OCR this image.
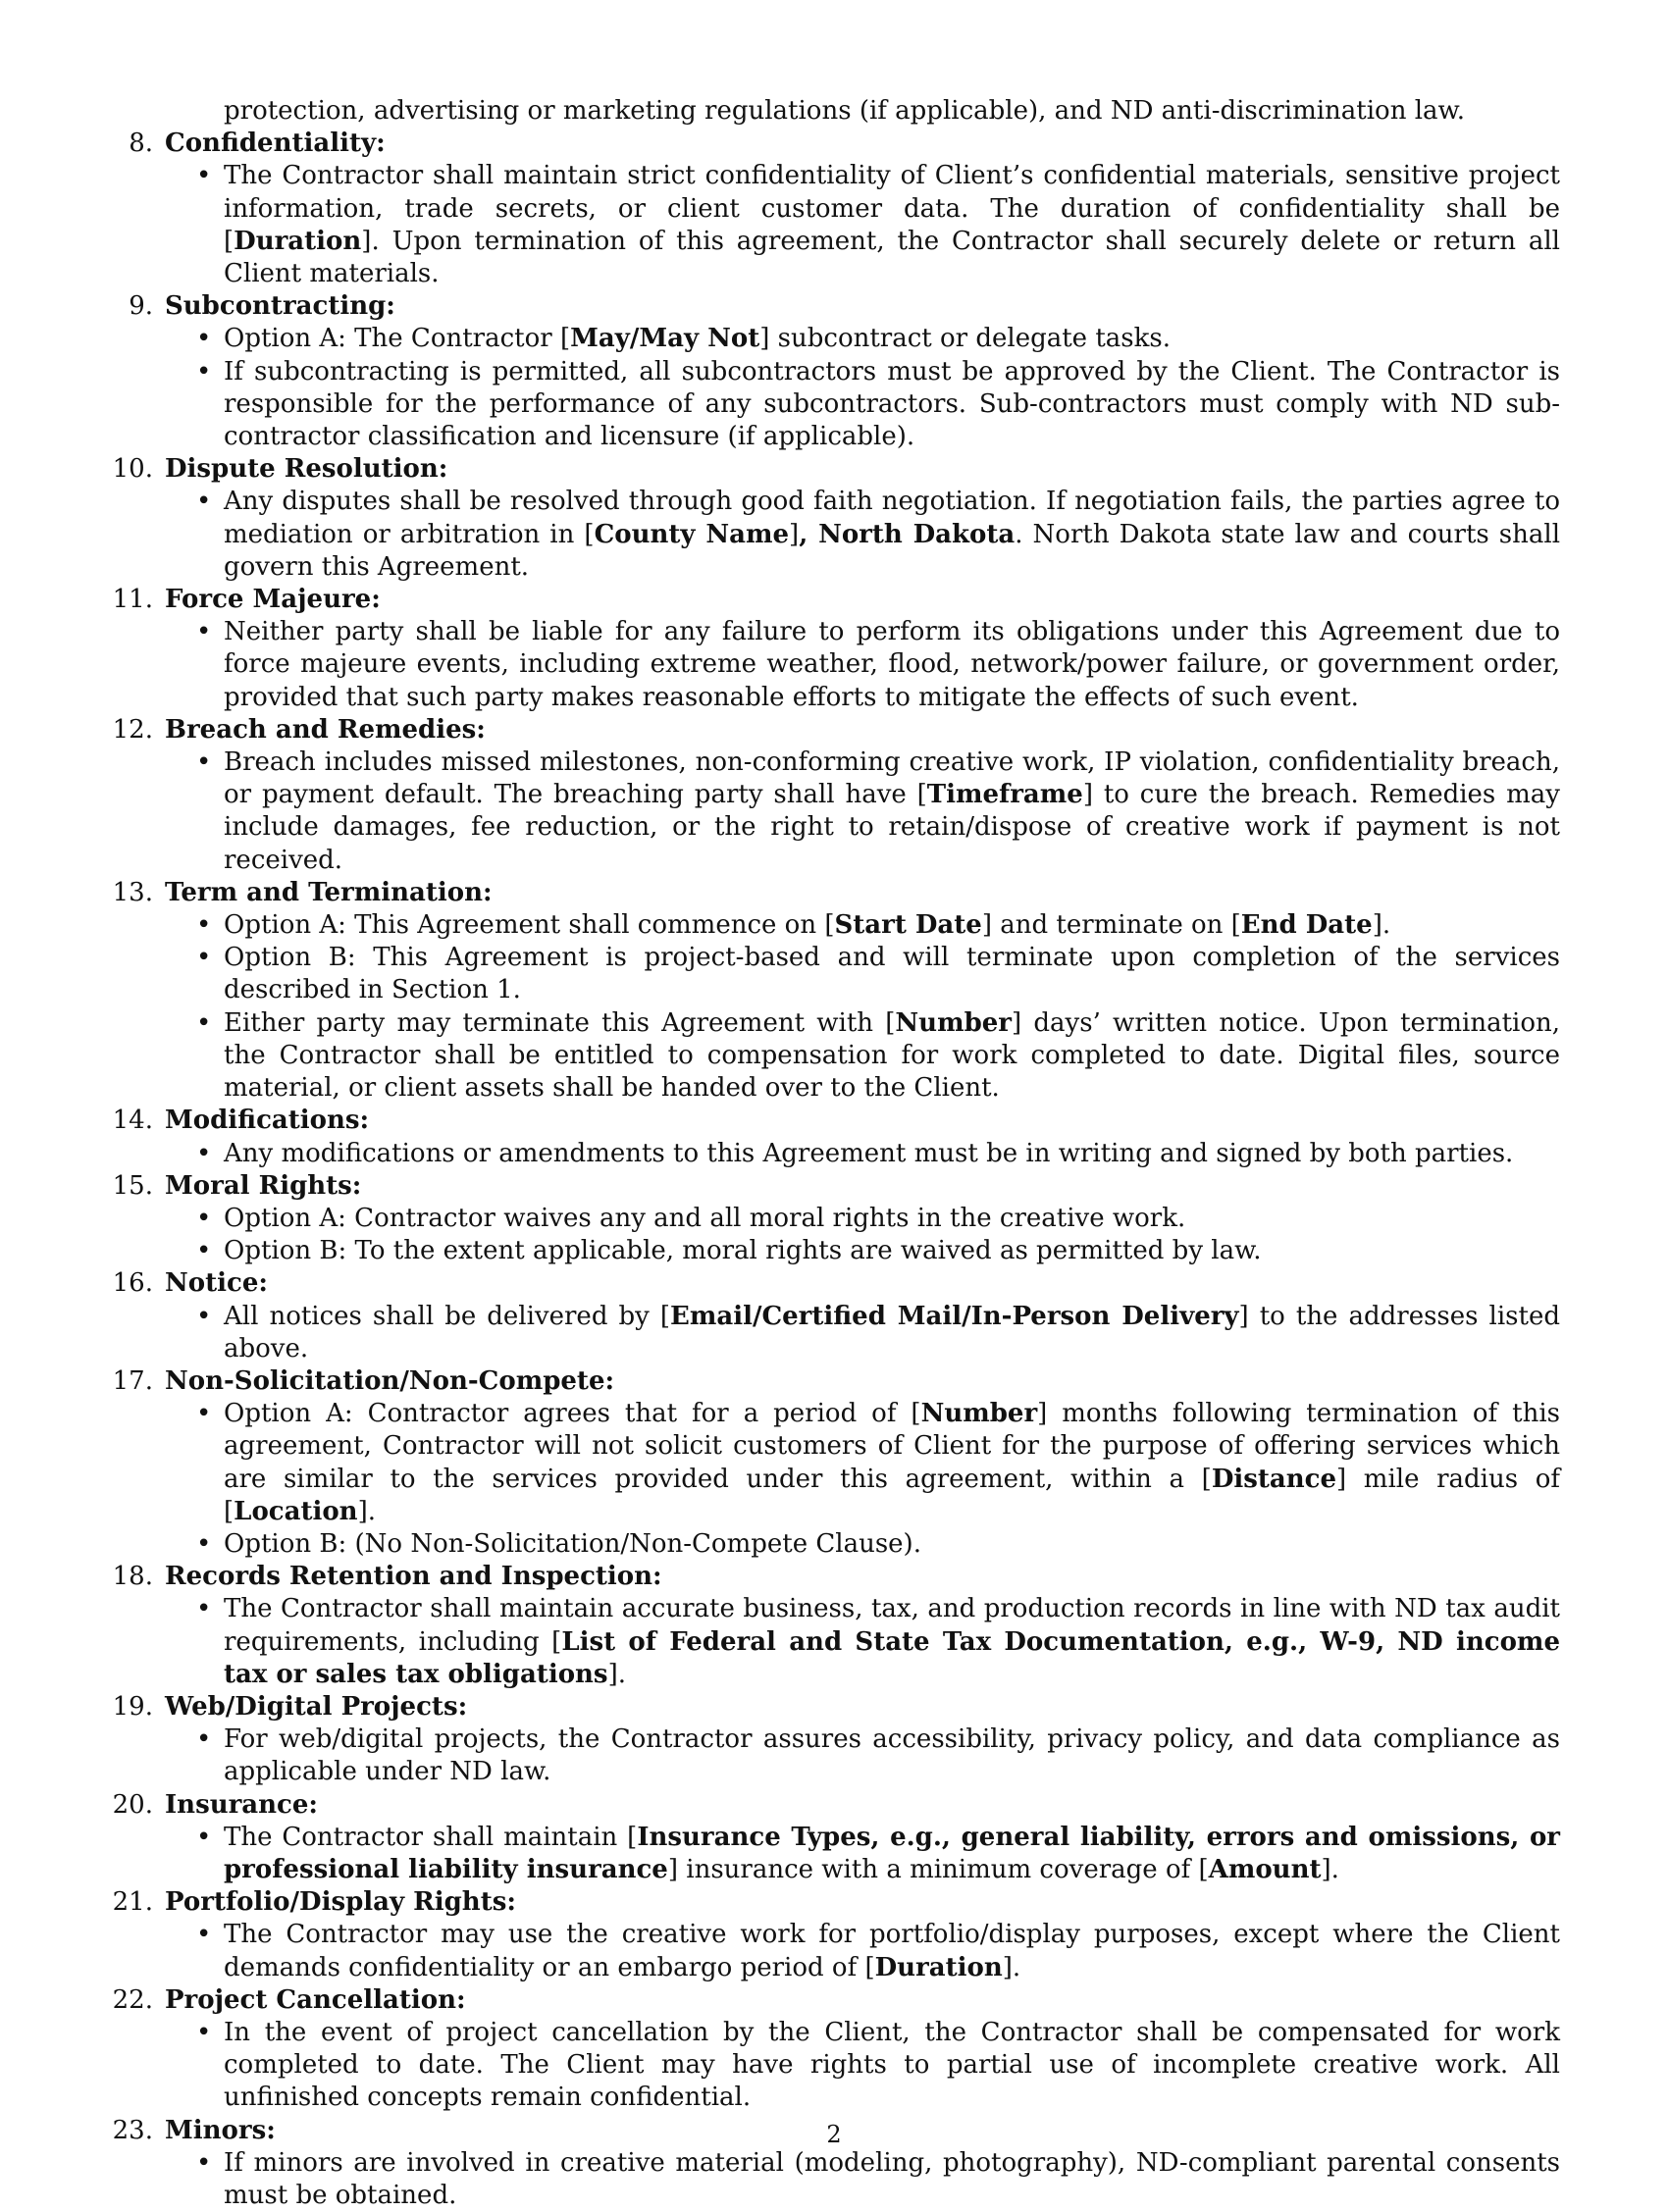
protection, advertising or marketing regulations (if applicable), and ND anti-discrimination law.
8. Confidentiality:
• The Contractor shall maintain strict confidentiality of Client’s confidential materials, sensitive project information, trade secrets, or client customer data. The duration of confidentiality shall be [Duration]. Upon termination of this agreement, the Contractor shall securely delete or return all Client materials.
9. Subcontracting:
• Option A: The Contractor [May/May Not] subcontract or delegate tasks.
• If subcontracting is permitted, all subcontractors must be approved by the Client. The Contractor is responsible for the performance of any subcontractors. Sub-contractors must comply with ND sub-contractor classification and licensure (if applicable).
10. Dispute Resolution:
• Any disputes shall be resolved through good faith negotiation. If negotiation fails, the parties agree to mediation or arbitration in [County Name], North Dakota. North Dakota state law and courts shall govern this Agreement.
11. Force Majeure:
• Neither party shall be liable for any failure to perform its obligations under this Agreement due to force majeure events, including extreme weather, flood, network/power failure, or government order, provided that such party makes reasonable efforts to mitigate the effects of such event.
12. Breach and Remedies:
• Breach includes missed milestones, non-conforming creative work, IP violation, confidentiality breach, or payment default. The breaching party shall have [Timeframe] to cure the breach. Remedies may include damages, fee reduction, or the right to retain/dispose of creative work if payment is not received.
13. Term and Termination:
• Option A: This Agreement shall commence on [Start Date] and terminate on [End Date].
• Option B: This Agreement is project-based and will terminate upon completion of the services described in Section 1.
• Either party may terminate this Agreement with [Number] days’ written notice. Upon termination, the Contractor shall be entitled to compensation for work completed to date. Digital files, source material, or client assets shall be handed over to the Client.
14. Modifications:
• Any modifications or amendments to this Agreement must be in writing and signed by both parties.
15. Moral Rights:
• Option A: Contractor waives any and all moral rights in the creative work.
• Option B: To the extent applicable, moral rights are waived as permitted by law.
16. Notice:
• All notices shall be delivered by [Email/Certified Mail/In-Person Delivery] to the addresses listed above.
17. Non-Solicitation/Non-Compete:
• Option A: Contractor agrees that for a period of [Number] months following termination of this agreement, Contractor will not solicit customers of Client for the purpose of offering services which are similar to the services provided under this agreement, within a [Distance] mile radius of [Location].
• Option B: (No Non-Solicitation/Non-Compete Clause).
18. Records Retention and Inspection:
• The Contractor shall maintain accurate business, tax, and production records in line with ND tax audit requirements, including [List of Federal and State Tax Documentation, e.g., W-9, ND income tax or sales tax obligations].
19. Web/Digital Projects:
• For web/digital projects, the Contractor assures accessibility, privacy policy, and data compliance as applicable under ND law.
20. Insurance:
• The Contractor shall maintain [Insurance Types, e.g., general liability, errors and omissions, or professional liability insurance] insurance with a minimum coverage of [Amount].
21. Portfolio/Display Rights:
• The Contractor may use the creative work for portfolio/display purposes, except where the Client demands confidentiality or an embargo period of [Duration].
22. Project Cancellation:
• In the event of project cancellation by the Client, the Contractor shall be compensated for work completed to date. The Client may have rights to partial use of incomplete creative work. All unfinished concepts remain confidential.
23. Minors:
• If minors are involved in creative material (modeling, photography), ND-compliant parental consents must be obtained.
2
